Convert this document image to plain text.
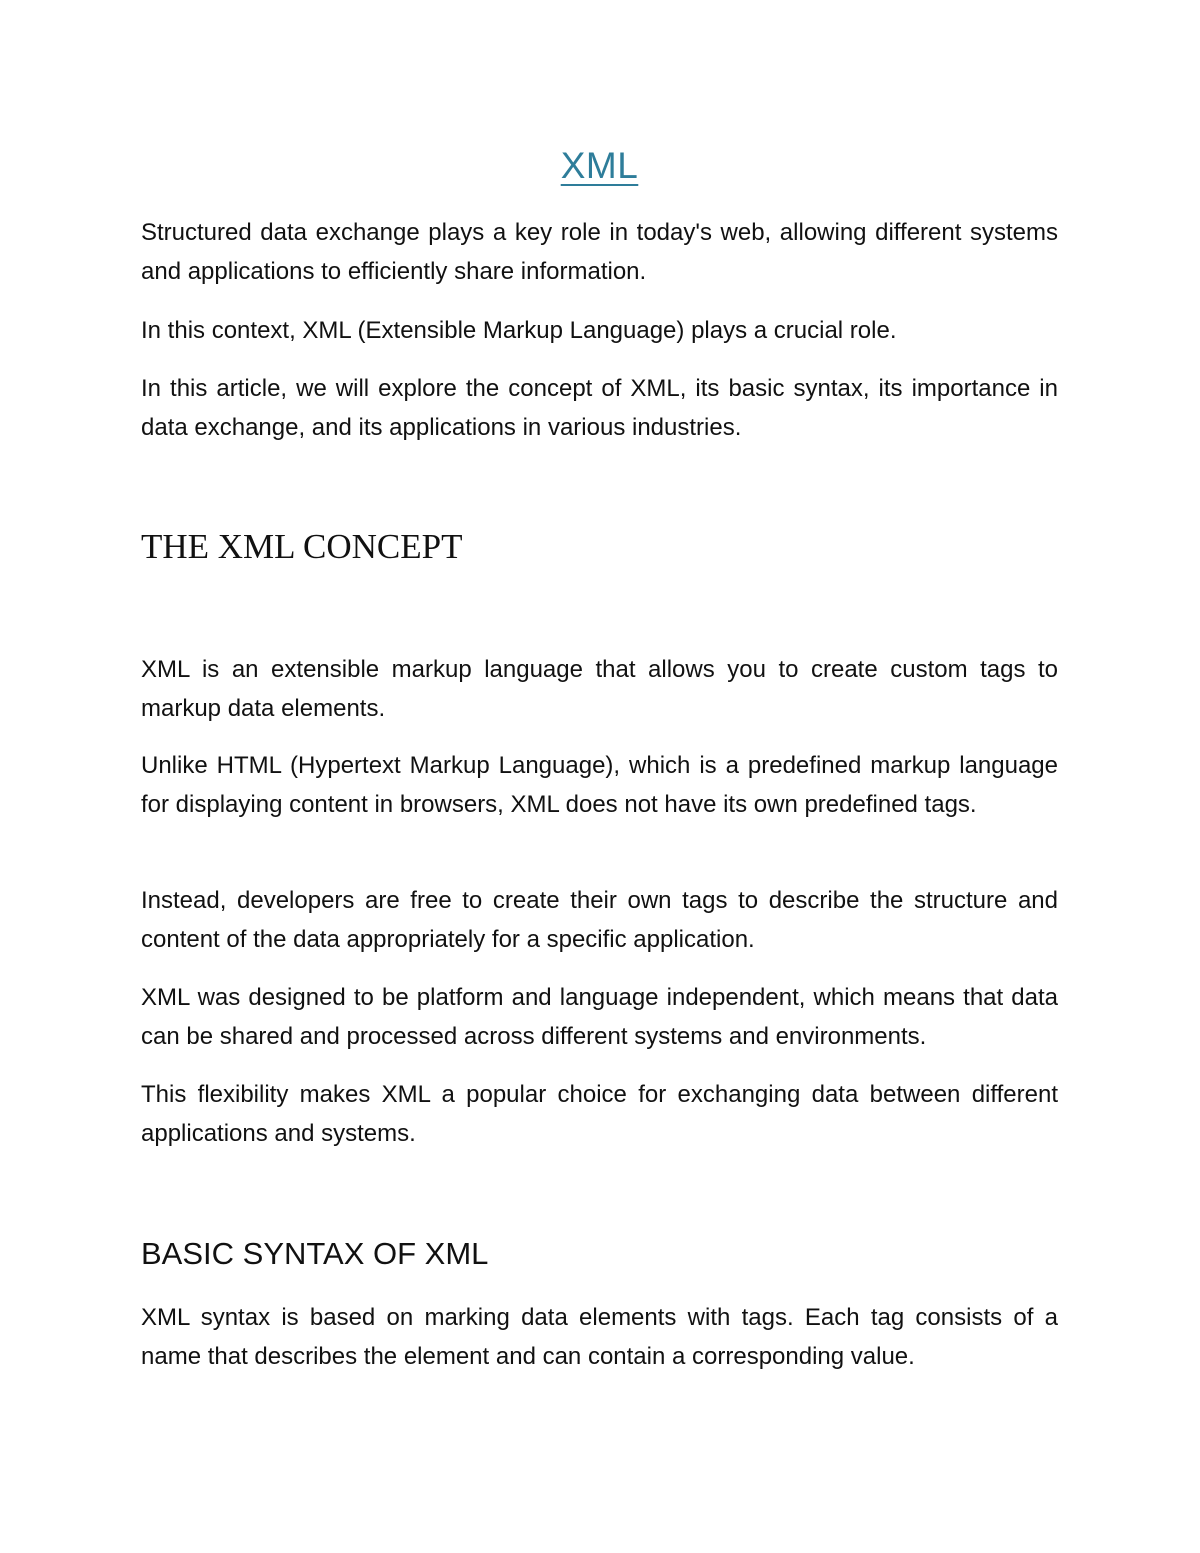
XML

Structured data exchange plays a key role in today's web, allowing different systems and applications to efficiently share information.

In this context, XML (Extensible Markup Language) plays a crucial role.

In this article, we will explore the concept of XML, its basic syntax, its importance in data exchange, and its applications in various industries.

THE XML CONCEPT

XML is an extensible markup language that allows you to create custom tags to markup data elements.

Unlike HTML (Hypertext Markup Language), which is a predefined markup language for displaying content in browsers, XML does not have its own predefined tags.

Instead, developers are free to create their own tags to describe the structure and content of the data appropriately for a specific application.

XML was designed to be platform and language independent, which means that data can be shared and processed across different systems and environments.

This flexibility makes XML a popular choice for exchanging data between different applications and systems.

BASIC SYNTAX OF XML

XML syntax is based on marking data elements with tags. Each tag consists of a name that describes the element and can contain a corresponding value.
